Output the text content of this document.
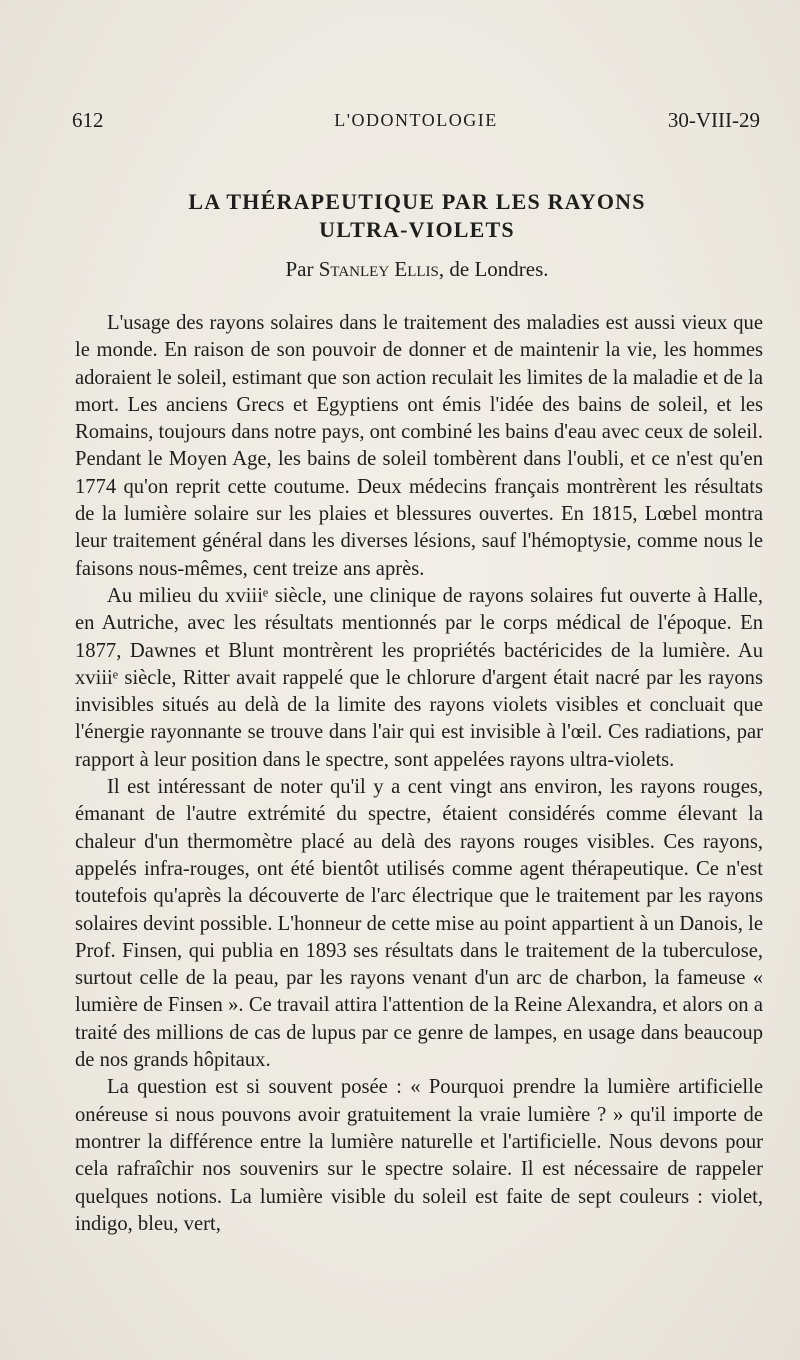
612	L'ODONTOLOGIE	30-VIII-29
LA THÉRAPEUTIQUE PAR LES RAYONS
ULTRA-VIOLETS
Par Stanley Ellis, de Londres.

L'usage des rayons solaires dans le traitement des maladies est aussi vieux que le monde. En raison de son pouvoir de donner et de maintenir la vie, les hommes adoraient le soleil, estimant que son action reculait les limites de la maladie et de la mort. Les anciens Grecs et Egyptiens ont émis l'idée des bains de soleil, et les Romains, toujours dans notre pays, ont combiné les bains d'eau avec ceux de soleil. Pendant le Moyen Age, les bains de soleil tombèrent dans l'oubli, et ce n'est qu'en 1774 qu'on reprit cette coutume. Deux médecins français montrèrent les résultats de la lumière solaire sur les plaies et blessures ouvertes. En 1815, Lœbel montra leur traitement général dans les diverses lésions, sauf l'hémoptysie, comme nous le faisons nous-mêmes, cent treize ans après.

Au milieu du xviiiᵉ siècle, une clinique de rayons solaires fut ouverte à Halle, en Autriche, avec les résultats mentionnés par le corps médical de l'époque. En 1877, Dawnes et Blunt montrèrent les propriétés bactéricides de la lumière. Au xviiiᵉ siècle, Ritter avait rappelé que le chlorure d'argent était nacré par les rayons invisibles situés au delà de la limite des rayons violets visibles et concluait que l'énergie rayonnante se trouve dans l'air qui est invisible à l'œil. Ces radiations, par rapport à leur position dans le spectre, sont appelées rayons ultra-violets.

Il est intéressant de noter qu'il y a cent vingt ans environ, les rayons rouges, émanant de l'autre extrémité du spectre, étaient considérés comme élevant la chaleur d'un thermomètre placé au delà des rayons rouges visibles. Ces rayons, appelés infra-rouges, ont été bientôt utilisés comme agent thérapeutique. Ce n'est toutefois qu'après la découverte de l'arc électrique que le traitement par les rayons solaires devint possible. L'honneur de cette mise au point appartient à un Danois, le Prof. Finsen, qui publia en 1893 ses résultats dans le traitement de la tuberculose, surtout celle de la peau, par les rayons venant d'un arc de charbon, la fameuse « lumière de Finsen ». Ce travail attira l'attention de la Reine Alexandra, et alors on a traité des millions de cas de lupus par ce genre de lampes, en usage dans beaucoup de nos grands hôpitaux.

La question est si souvent posée : « Pourquoi prendre la lumière artificielle onéreuse si nous pouvons avoir gratuitement la vraie lumière ? » qu'il importe de montrer la différence entre la lumière naturelle et l'artificielle. Nous devons pour cela rafraîchir nos souvenirs sur le spectre solaire. Il est nécessaire de rappeler quelques notions. La lumière visible du soleil est faite de sept couleurs : violet, indigo, bleu, vert,
